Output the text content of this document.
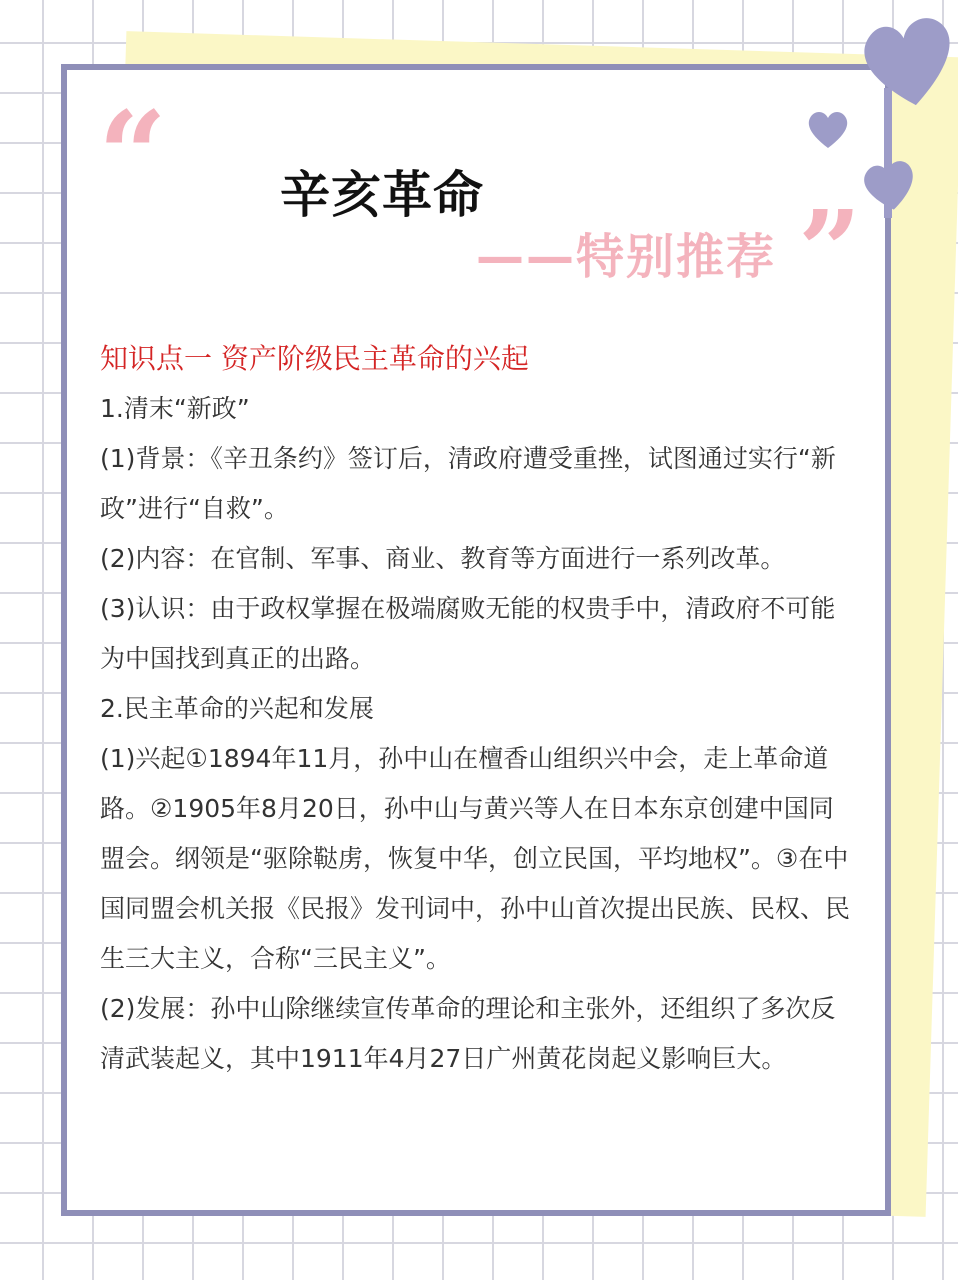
“
”
辛亥革命
——特别推荐

知识点一 资产阶级民主革命的兴起

1.清末“新政”

(1)背景：《辛丑条约》签订后，清政府遭受重挫，试图通过实行“新政”进行“自救”。

(2)内容：在官制、军事、商业、教育等方面进行一系列改革。

(3)认识：由于政权掌握在极端腐败无能的权贵手中，清政府不可能为中国找到真正的出路。

2.民主革命的兴起和发展

(1)兴起①1894年11月，孙中山在檀香山组织兴中会，走上革命道路。②1905年8月20日，孙中山与黄兴等人在日本东京创建中国同盟会。纲领是“驱除鞑虏，恢复中华，创立民国，平均地权”。③在中国同盟会机关报《民报》发刊词中，孙中山首次提出民族、民权、民生三大主义，合称“三民主义”。

(2)发展：孙中山除继续宣传革命的理论和主张外，还组织了多次反清武装起义，其中1911年4月27日广州黄花岗起义影响巨大。
